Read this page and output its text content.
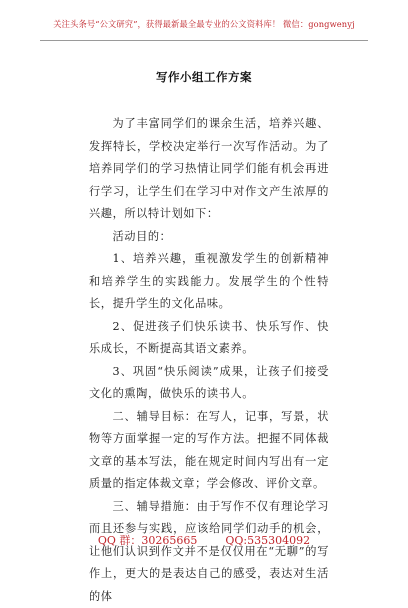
关注头条号“公文研究”，获得最新最全最专业的公文资料库！ 微信：gongwenyj
写作小组工作方案

为了丰富同学们的课余生活，培养兴趣、发挥特长，学校决定举行一次写作活动。为了培养同学们的学习热情让同学们能有机会再进行学习，让学生们在学习中对作文产生浓厚的兴趣，所以特计划如下：

活动目的：

1、培养兴趣，重视激发学生的创新精神和培养学生的实践能力。发展学生的个性特长，提升学生的文化品味。

2、促进孩子们快乐读书、快乐写作、快乐成长，不断提高其语文素养。

3、巩固“快乐阅读”成果，让孩子们接受文化的熏陶，做快乐的读书人。

二、辅导目标：在写人，记事，写景，状物等方面掌握一定的写作方法。把握不同体裁文章的基本写法，能在规定时间内写出有一定质量的指定体裁文章；学会修改、评价文章。

三、辅导措施：由于写作不仅有理论学习而且还参与实践，应该给同学们动手的机会，让他们认识到作文并不是仅仅用在“无聊”的写作上，更大的是表达自己的感受，表达对生活的体

QQ 群：30265665	QQ:535304092
